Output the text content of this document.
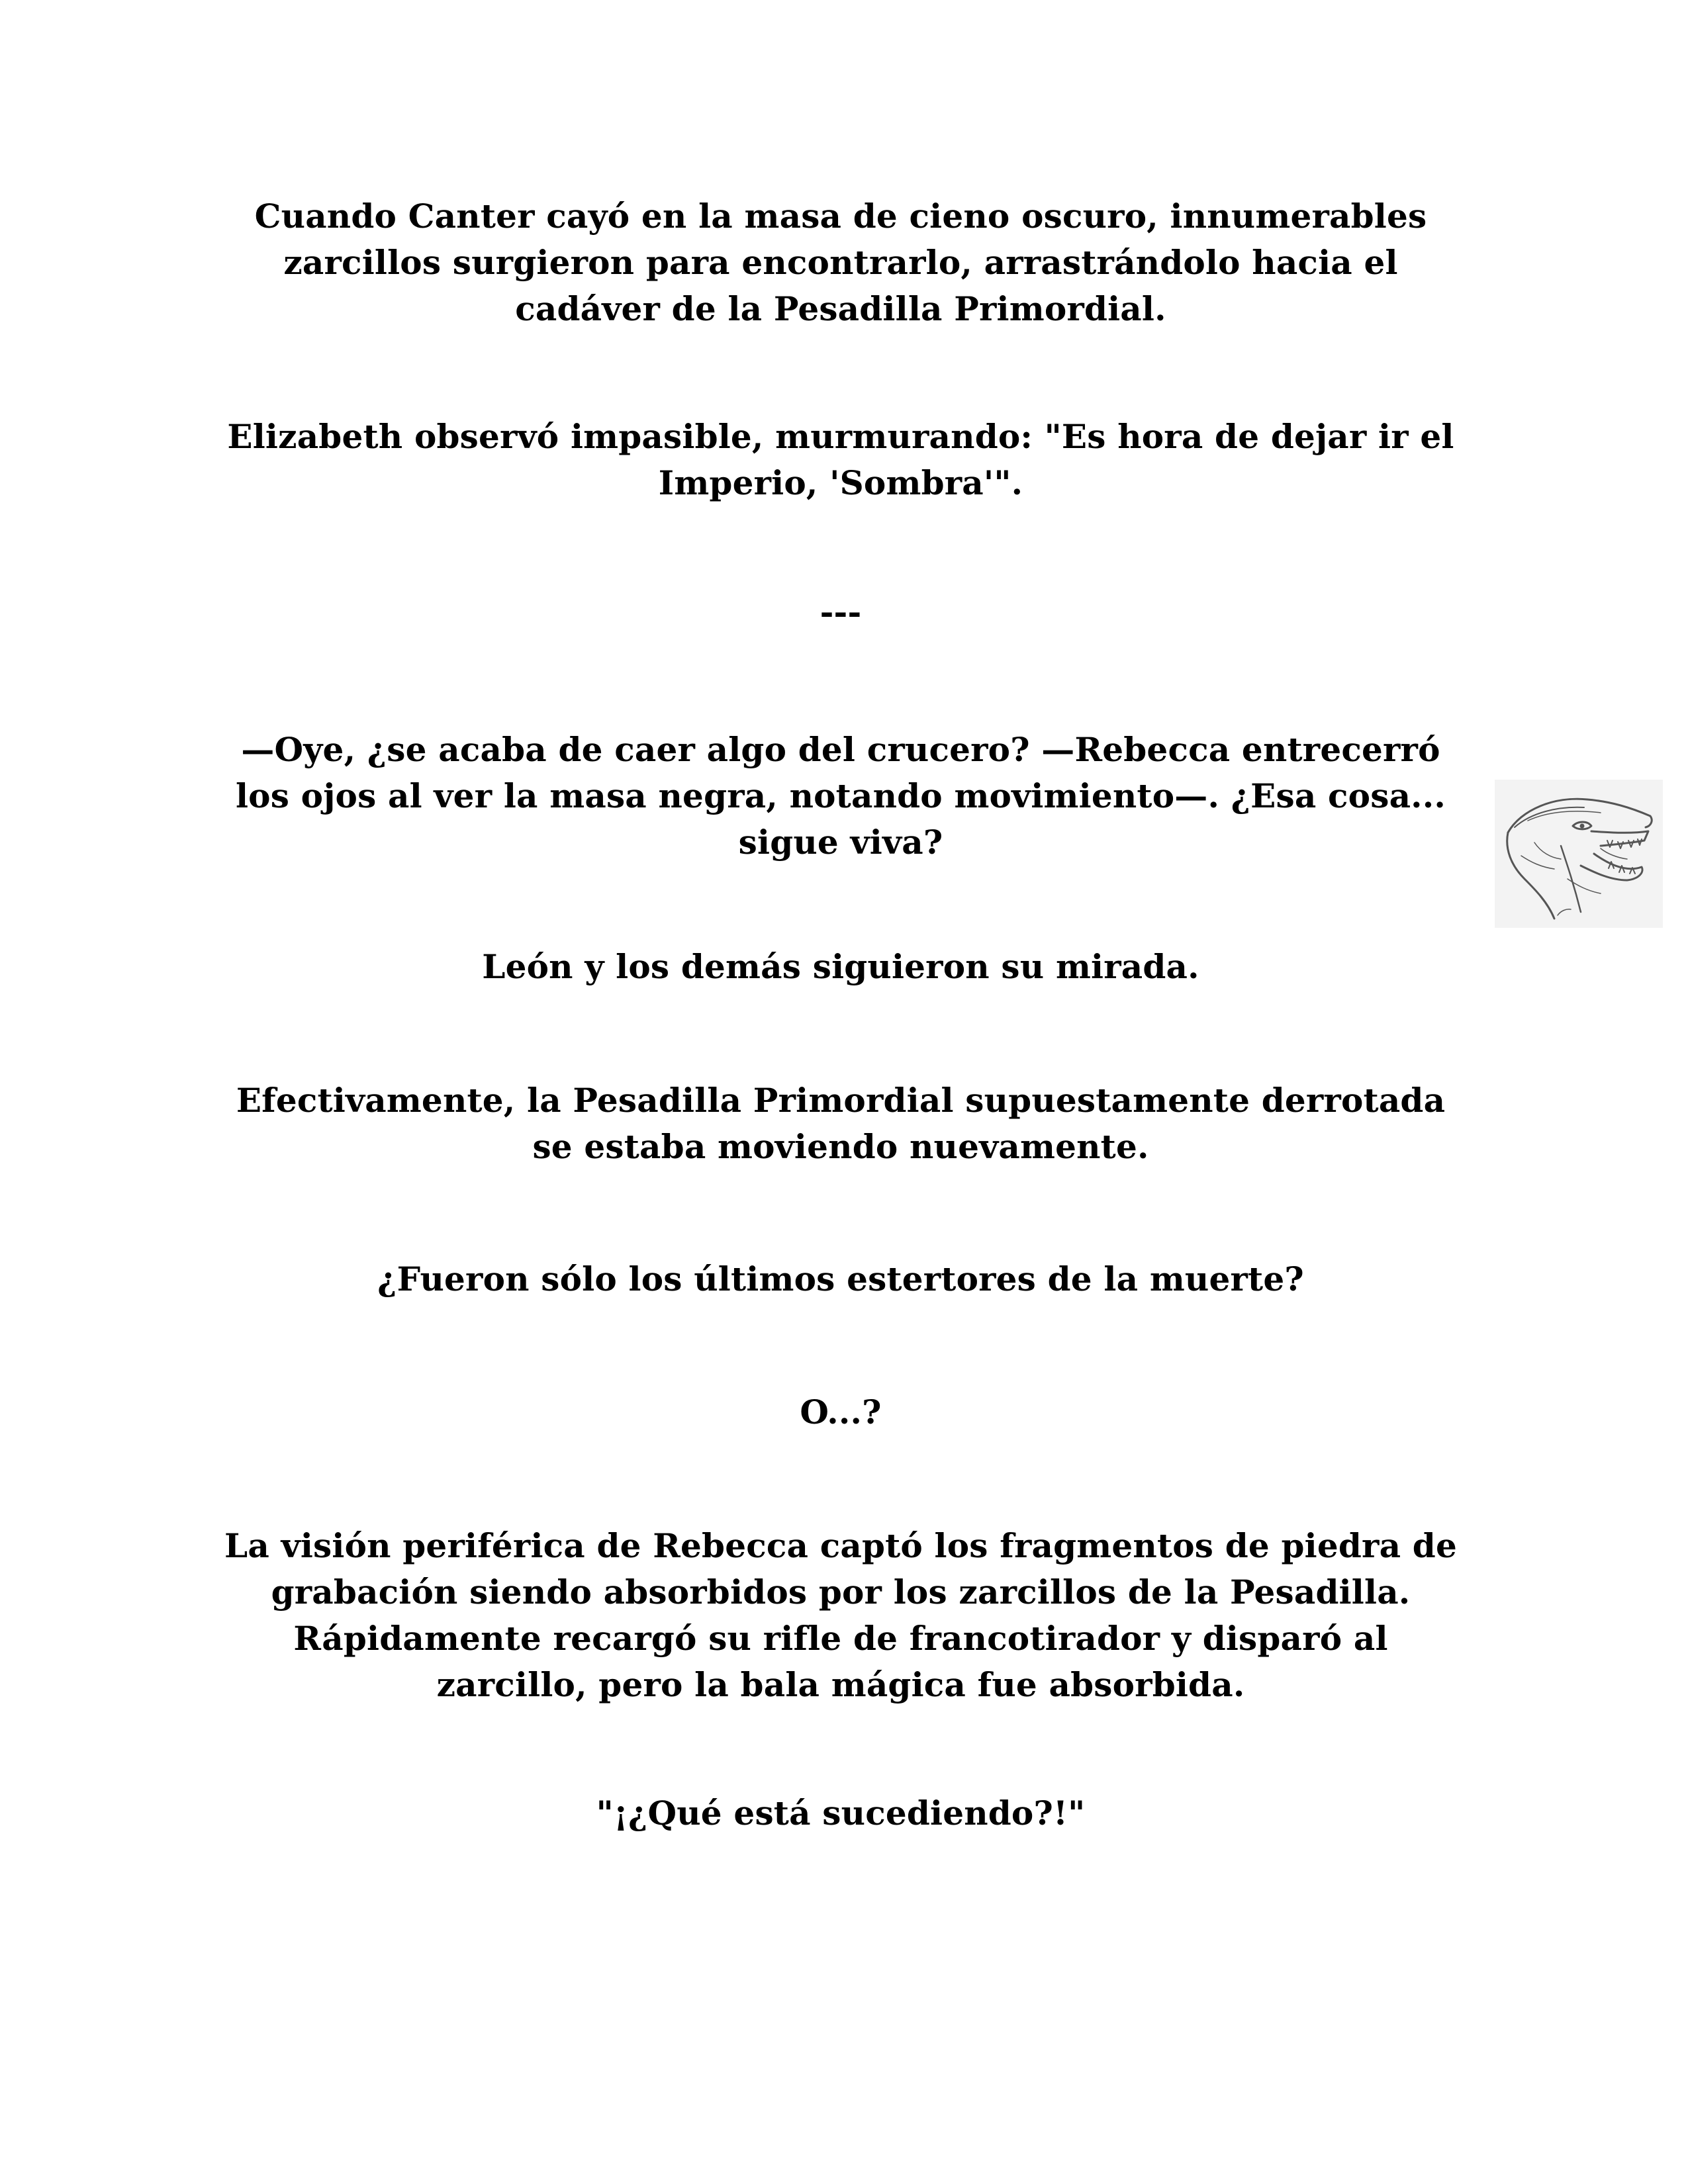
Cuando Canter cayó en la masa de cieno oscuro, innumerables zarcillos surgieron para encontrarlo, arrastrándolo hacia el cadáver de la Pesadilla Primordial.

Elizabeth observó impasible, murmurando: "Es hora de dejar ir el Imperio, 'Sombra'".

---

—Oye, ¿se acaba de caer algo del crucero? —Rebecca entrecerró los ojos al ver la masa negra, notando movimiento—. ¿Esa cosa... sigue viva?

León y los demás siguieron su mirada.

Efectivamente, la Pesadilla Primordial supuestamente derrotada se estaba moviendo nuevamente.

¿Fueron sólo los últimos estertores de la muerte?

O...?

La visión periférica de Rebecca captó los fragmentos de piedra de grabación siendo absorbidos por los zarcillos de la Pesadilla. Rápidamente recargó su rifle de francotirador y disparó al zarcillo, pero la bala mágica fue absorbida.

"¡¿Qué está sucediendo?!"
